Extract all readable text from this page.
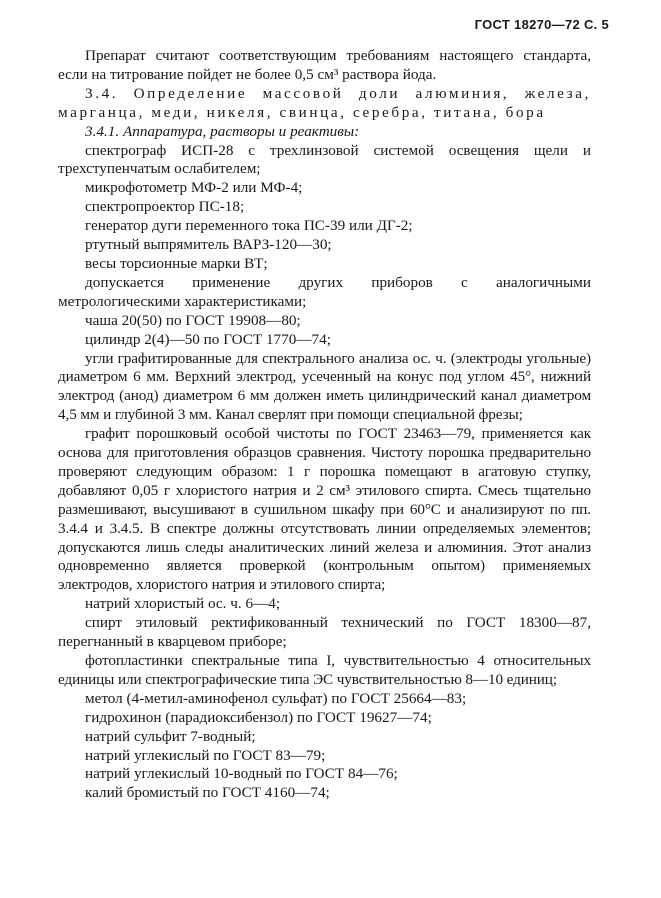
ГОСТ 18270—72 С. 5

Препарат считают соответствующим требованиям настоящего стандарта, если на титрование пойдет не более 0,5 см³ раствора йода.

3.4. Определение массовой доли алюминия, железа, марганца, меди, никеля, свинца, серебра, титана, бора

3.4.1. Аппаратура, растворы и реактивы:

спектрограф ИСП-28 с трехлинзовой системой освещения щели и трехступенчатым ослабителем;

микрофотометр МФ-2 или МФ-4;

спектропроектор ПС-18;

генератор дуги переменного тока ПС-39 или ДГ-2;

ртутный выпрямитель ВАРЗ-120—30;

весы торсионные марки ВТ;

допускается применение других приборов с аналогичными метрологическими характеристиками;

чаша 20(50) по ГОСТ 19908—80;

цилиндр 2(4)—50 по ГОСТ 1770—74;

угли графитированные для спектрального анализа ос. ч. (электроды угольные) диаметром 6 мм. Верхний электрод, усеченный на конус под углом 45°, нижний электрод (анод) диаметром 6 мм должен иметь цилиндрический канал диаметром 4,5 мм и глубиной 3 мм. Канал сверлят при помощи специальной фрезы;

графит порошковый особой чистоты по ГОСТ 23463—79, применяется как основа для приготовления образцов сравнения. Чистоту порошка предварительно проверяют следующим образом: 1 г порошка помещают в агатовую ступку, добавляют 0,05 г хлористого натрия и 2 см³ этилового спирта. Смесь тщательно размешивают, высушивают в сушильном шкафу при 60°С и анализируют по пп. 3.4.4 и 3.4.5. В спектре должны отсутствовать линии определяемых элементов; допускаются лишь следы аналитических линий железа и алюминия. Этот анализ одновременно является проверкой (контрольным опытом) применяемых электродов, хлористого натрия и этилового спирта;

натрий хлористый ос. ч. 6—4;

спирт этиловый ректификованный технический по ГОСТ 18300—87, перегнанный в кварцевом приборе;

фотопластинки спектральные типа I, чувствительностью 4 относительных единицы или спектрографические типа ЭС чувствительностью 8—10 единиц;

метол (4-метил-аминофенол сульфат) по ГОСТ 25664—83;

гидрохинон (парадиоксибензол) по ГОСТ 19627—74;

натрий сульфит 7-водный;

натрий углекислый по ГОСТ 83—79;

натрий углекислый 10-водный по ГОСТ 84—76;

калий бромистый по ГОСТ 4160—74;
